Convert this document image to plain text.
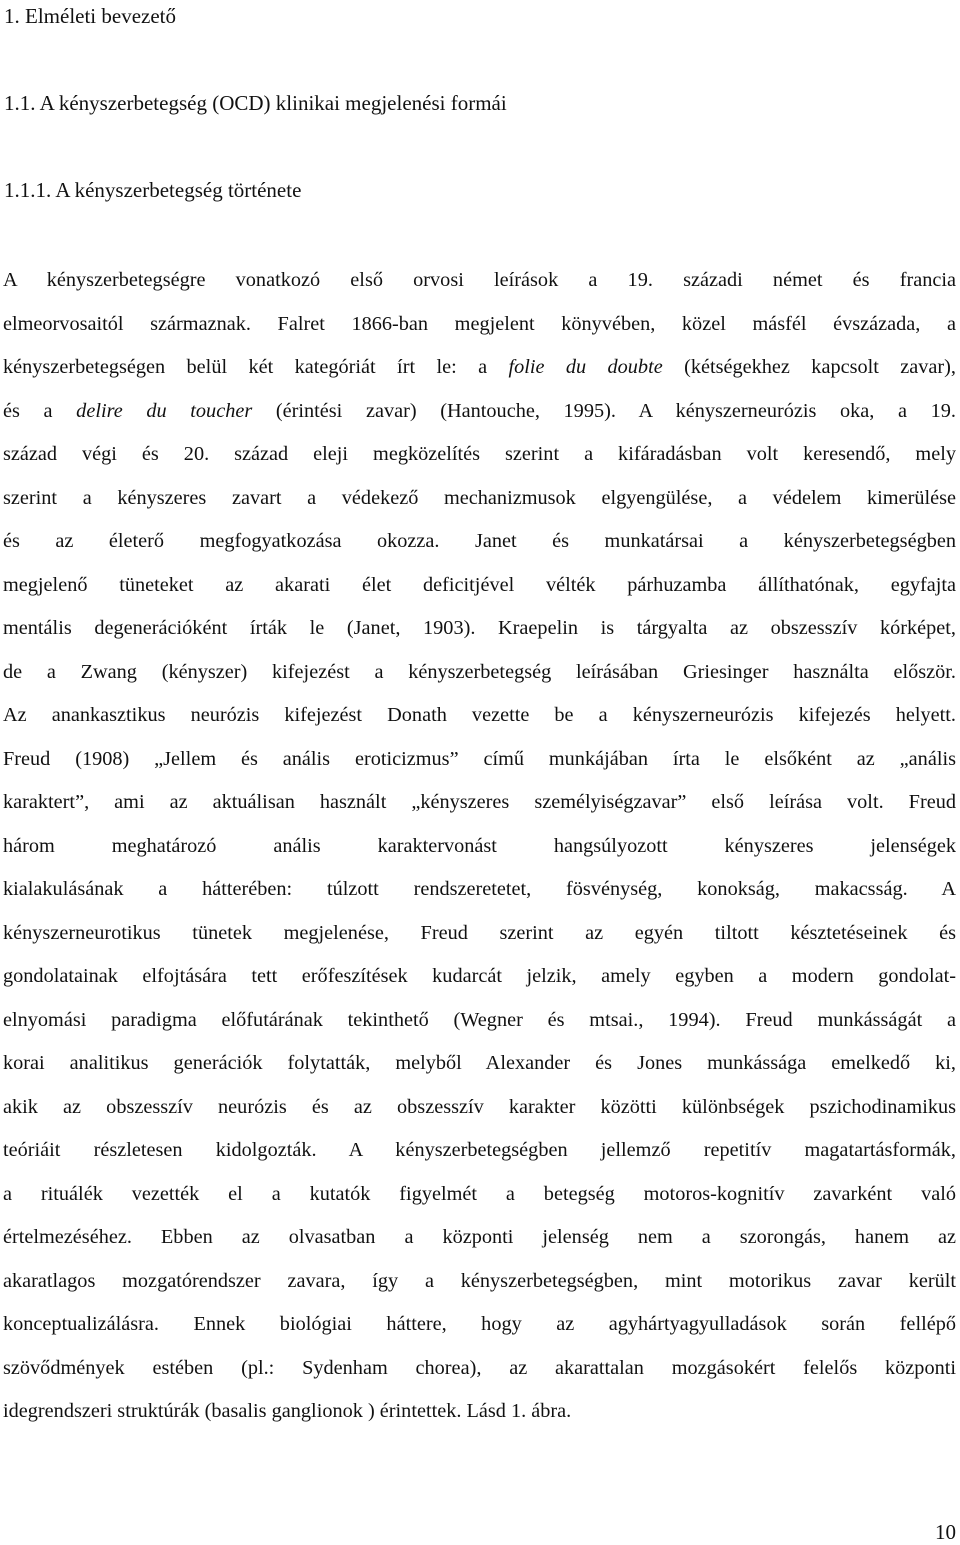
1. Elméleti bevezető
1.1. A kényszerbetegség (OCD) klinikai megjelenési formái
1.1.1. A kényszerbetegség története
A kényszerbetegségre vonatkozó első orvosi leírások a 19. századi német és francia
elmeorvosaitól származnak. Falret 1866-ban megjelent könyvében, közel másfél évszázada, a
kényszerbetegségen belül két kategóriát írt le: a folie du doubte (kétségekhez kapcsolt zavar),
és a delire du toucher (érintési zavar) (Hantouche, 1995). A kényszerneurózis oka, a 19.
század végi és 20. század eleji megközelítés szerint a kifáradásban volt keresendő, mely
szerint a kényszeres zavart a védekező mechanizmusok elgyengülése, a védelem kimerülése
és az életerő megfogyatkozása okozza. Janet és munkatársai a kényszerbetegségben
megjelenő tüneteket az akarati élet deficitjével vélték párhuzamba állíthatónak, egyfajta
mentális degenerációként írták le (Janet, 1903). Kraepelin is tárgyalta az obszesszív kórképet,
de a Zwang (kényszer) kifejezést a kényszerbetegség leírásában Griesinger használta először.
Az anankasztikus neurózis kifejezést Donath vezette be a kényszerneurózis kifejezés helyett.
Freud (1908) „Jellem és anális eroticizmus” című munkájában írta le elsőként az „anális
karaktert”, ami az aktuálisan használt „kényszeres személyiségzavar” első leírása volt. Freud
három meghatározó anális karaktervonást hangsúlyozott kényszeres jelenségek
kialakulásának a hátterében: túlzott rendszeretetet, fösvénység, konokság, makacsság. A
kényszerneurotikus tünetek megjelenése, Freud szerint az egyén tiltott késztetéseinek és
gondolatainak elfojtására tett erőfeszítések kudarcát jelzik, amely egyben a modern gondolat-
elnyomási paradigma előfutárának tekinthető (Wegner és mtsai., 1994). Freud munkásságát a
korai analitikus generációk folytatták, melyből Alexander és Jones munkássága emelkedő ki,
akik az obszesszív neurózis és az obszesszív karakter közötti különbségek pszichodinamikus
teóriáit részletesen kidolgozták. A kényszerbetegségben jellemző repetitív magatartásformák,
a rituálék vezették el a kutatók figyelmét a betegség motoros-kognitív zavarként való
értelmezéséhez. Ebben az olvasatban a központi jelenség nem a szorongás, hanem az
akaratlagos mozgatórendszer zavara, így a kényszerbetegségben, mint motorikus zavar került
konceptualizálásra. Ennek biológiai háttere, hogy az agyhártyagyulladások során fellépő
szövődmények estében (pl.: Sydenham chorea), az akarattalan mozgásokért felelős központi
idegrendszeri struktúrák (basalis ganglionok ) érintettek. Lásd 1. ábra.
10
